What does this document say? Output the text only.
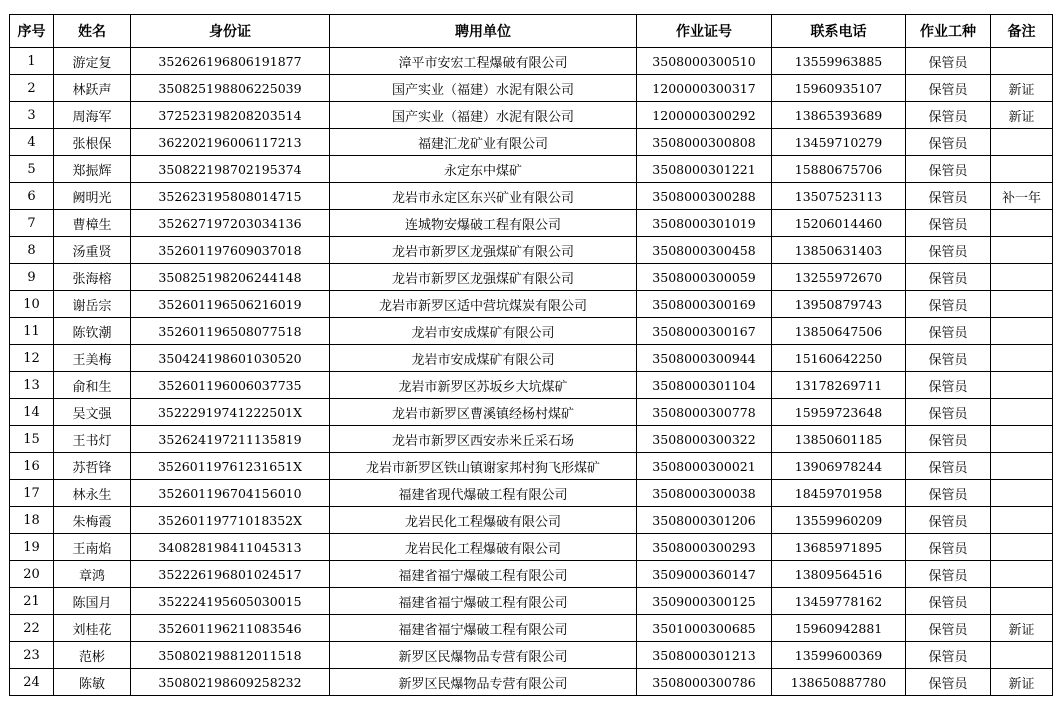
序号	姓名	身份证	聘用单位	作业证号	联系电话	作业工种	备注
1	游定复	352626196806191877	漳平市安宏工程爆破有限公司	3508000300510	13559963885	保管员	
2	林跃声	350825198806225039	国产实业（福建）水泥有限公司	1200000300317	15960935107	保管员	新证
3	周海军	372523198208203514	国产实业（福建）水泥有限公司	1200000300292	13865393689	保管员	新证
4	张根保	362202196006117213	福建汇龙矿业有限公司	3508000300808	13459710279	保管员	
5	郑振辉	350822198702195374	永定东中煤矿	3508000301221	15880675706	保管员	
6	阙明光	352623195808014715	龙岩市永定区东兴矿业有限公司	3508000300288	13507523113	保管员	补一年
7	曹樟生	352627197203034136	连城物安爆破工程有限公司	3508000301019	15206014460	保管员	
8	汤重贤	352601197609037018	龙岩市新罗区龙强煤矿有限公司	3508000300458	13850631403	保管员	
9	张海榕	350825198206244148	龙岩市新罗区龙强煤矿有限公司	3508000300059	13255972670	保管员	
10	谢岳宗	352601196506216019	龙岩市新罗区适中营坑煤炭有限公司	3508000300169	13950879743	保管员	
11	陈钦潮	352601196508077518	龙岩市安成煤矿有限公司	3508000300167	13850647506	保管员	
12	王美梅	350424198601030520	龙岩市安成煤矿有限公司	3508000300944	15160642250	保管员	
13	俞和生	352601196006037735	龙岩市新罗区苏坂乡大坑煤矿	3508000301104	13178269711	保管员	
14	吴文强	35222919741222501X	龙岩市新罗区曹溪镇经杨村煤矿	3508000300778	15959723648	保管员	
15	王书灯	352624197211135819	龙岩市新罗区西安赤米丘采石场	3508000300322	13850601185	保管员	
16	苏哲锋	35260119761231651X	龙岩市新罗区铁山镇谢家邦村狗飞形煤矿	3508000300021	13906978244	保管员	
17	林永生	352601196704156010	福建省现代爆破工程有限公司	3508000300038	18459701958	保管员	
18	朱梅霞	35260119771018352X	龙岩民化工程爆破有限公司	3508000301206	13559960209	保管员	
19	王南焰	340828198411045313	龙岩民化工程爆破有限公司	3508000300293	13685971895	保管员	
20	章鸿	352226196801024517	福建省福宁爆破工程有限公司	3509000360147	13809564516	保管员	
21	陈国月	352224195605030015	福建省福宁爆破工程有限公司	3509000300125	13459778162	保管员	
22	刘桂花	352601196211083546	福建省福宁爆破工程有限公司	3501000300685	15960942881	保管员	新证
23	范彬	350802198812011518	新罗区民爆物品专营有限公司	3508000301213	13599600369	保管员	
24	陈敏	350802198609258232	新罗区民爆物品专营有限公司	3508000300786	138650887780	保管员	新证
